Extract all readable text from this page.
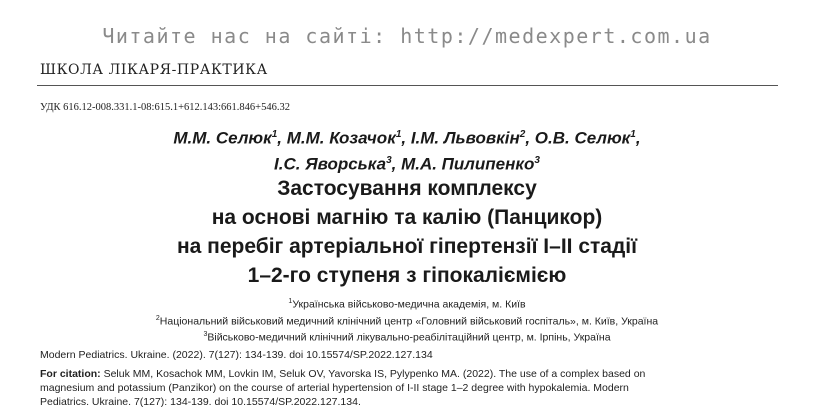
Читайте нас на сайті: http://medexpert.com.ua
ШКОЛА ЛІКАРЯ-ПРАКТИКА
УДК 616.12-008.331.1-08:615.1+612.143:661.846+546.32
М.М. Селюк$^1$, М.М. Козачок$^1$, І.М. Львовкін$^2$, О.В. Селюк$^1$,
І.С. Яворська$^3$, М.А. Пилипенко$^3$
Застосування комплексу
на основі магнію та калію (Панцикор)
на перебіг артеріальної гіпертензії I–II стадії
1–2-го ступеня з гіпокаліємією
$^1$Українська військово-медична академія, м. Київ
$^2$Національний військовий медичний клінічний центр «Головний військовий госпіталь», м. Київ, Україна
$^3$Військово-медичний клінічний лікувально-реабілітаційний центр, м. Ірпінь, Україна
Modern Pediatrics. Ukraine. (2022). 7(127): 134-139. doi 10.15574/SP.2022.127.134
For citation: Seluk MM, Kosachok MM, Lovkin IM, Seluk OV, Yavorska IS, Pylypenko MA. (2022). The use of a complex based on
magnesium and potassium (Panzikor) on the course of arterial hypertension of I-II stage 1–2 degree with hypokalemia. Modern
Pediatrics. Ukraine. 7(127): 134-139. doi 10.15574/SP.2022.127.134.
